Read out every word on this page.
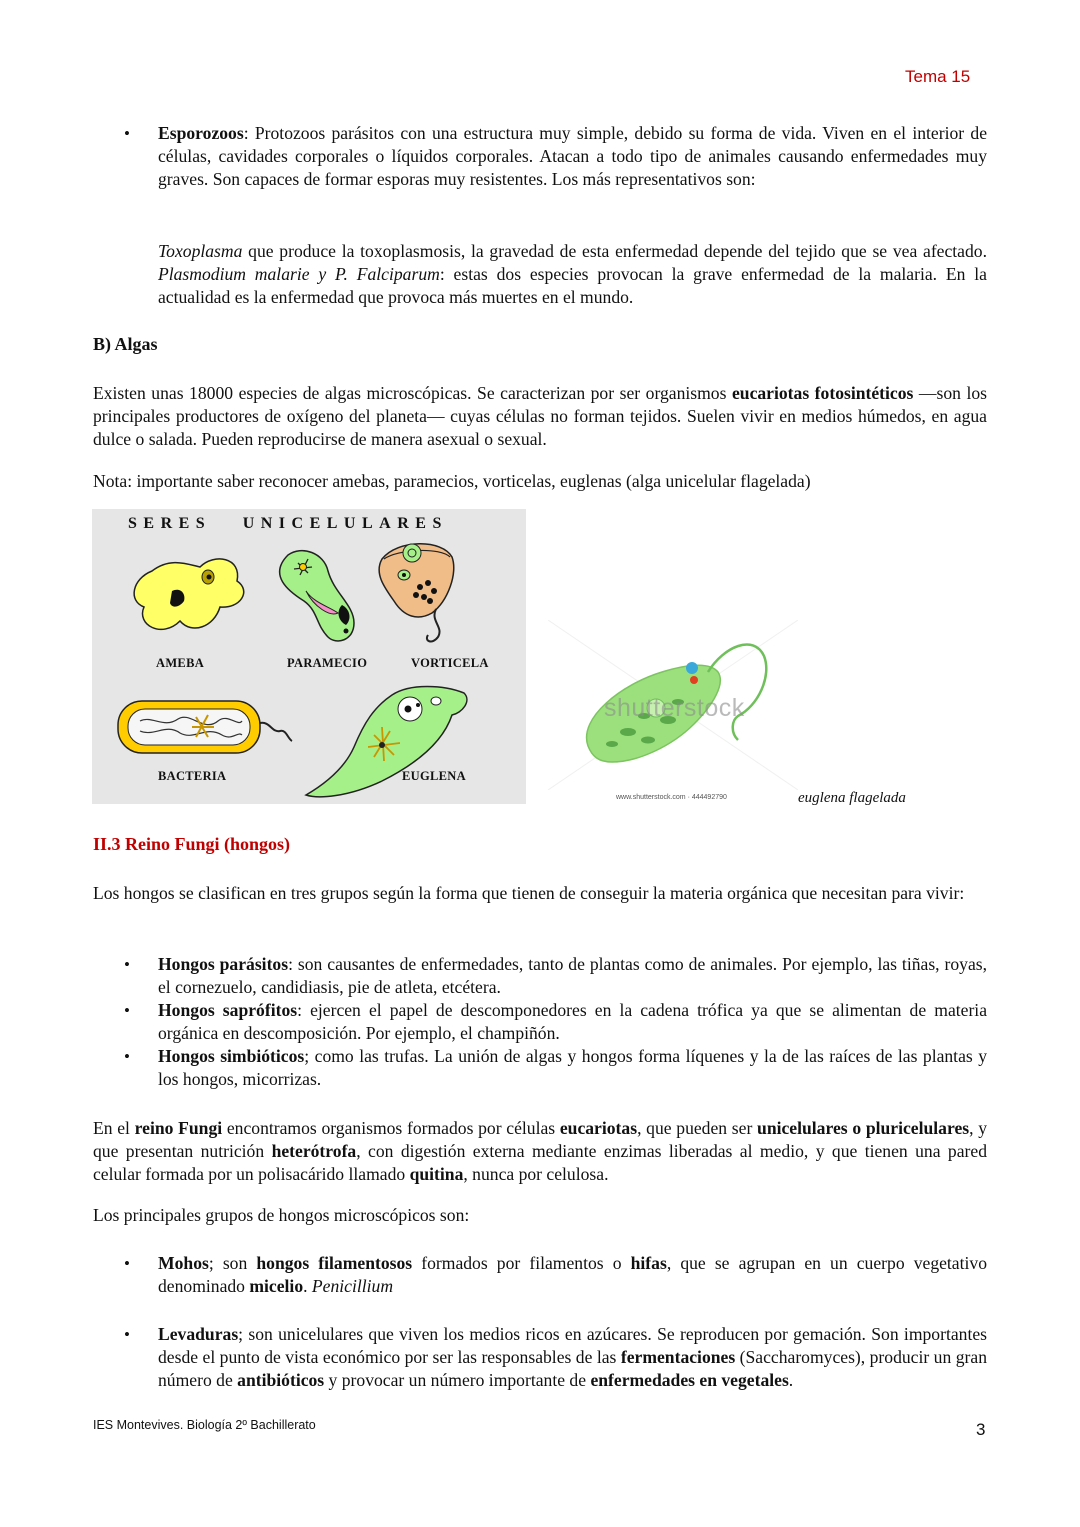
Tema 15
• Esporozoos: Protozoos parásitos con una estructura muy simple, debido su forma de vida. Viven en el interior de células, cavidades corporales o líquidos corporales. Atacan a todo tipo de animales causando enfermedades muy graves. Son capaces de formar esporas muy resistentes. Los más representativos son:
Toxoplasma que produce la toxoplasmosis, la gravedad de esta enfermedad depende del tejido que se vea afectado. Plasmodium malarie y P. Falciparum: estas dos especies provocan la grave enfermedad de la malaria. En la actualidad es la enfermedad que provoca más muertes en el mundo.
B) Algas
Existen unas 18000 especies de algas microscópicas. Se caracterizan por ser organismos eucariotas fotosintéticos —son los principales productores de oxígeno del planeta— cuyas células no forman tejidos. Suelen vivir en medios húmedos, en agua dulce o salada. Pueden reproducirse de manera asexual o sexual.
Nota: importante saber reconocer amebas, paramecios, vorticelas, euglenas (alga unicelular flagelada)
SERES   UNICELULARES
AMEBA	PARAMECIO	VORTICELA
BACTERIA	EUGLENA
shutterstock
www.shutterstock.com · 444492790	euglena flagelada
II.3 Reino Fungi (hongos)
Los hongos se clasifican en tres grupos según la forma que tienen de conseguir la materia orgánica que necesitan para vivir:
• Hongos parásitos: son causantes de enfermedades, tanto de plantas como de animales. Por ejemplo, las tiñas, royas, el cornezuelo, candidiasis, pie de atleta, etcétera.
• Hongos saprófitos: ejercen el papel de descomponedores en la cadena trófica ya que se alimentan de materia orgánica en descomposición. Por ejemplo, el champiñón.
• Hongos simbióticos; como las trufas. La unión de algas y hongos forma líquenes y la de las raíces de las plantas y los hongos, micorrizas.
En el reino Fungi encontramos organismos formados por células eucariotas, que pueden ser unicelulares o pluricelulares, y que presentan nutrición heterótrofa, con digestión externa mediante enzimas liberadas al medio, y que tienen una pared celular formada por un polisacárido llamado quitina, nunca por celulosa.
Los principales grupos de hongos microscópicos son:
• Mohos; son hongos filamentosos formados por filamentos o hifas, que se agrupan en un cuerpo vegetativo denominado micelio. Penicillium
• Levaduras; son unicelulares que viven los medios ricos en azúcares. Se reproducen por gemación. Son importantes desde el punto de vista económico por ser las responsables de las fermentaciones (Saccharomyces), producir un gran número de antibióticos y provocar un número importante de enfermedades en vegetales.
IES Montevives. Biología 2º Bachillerato	3
